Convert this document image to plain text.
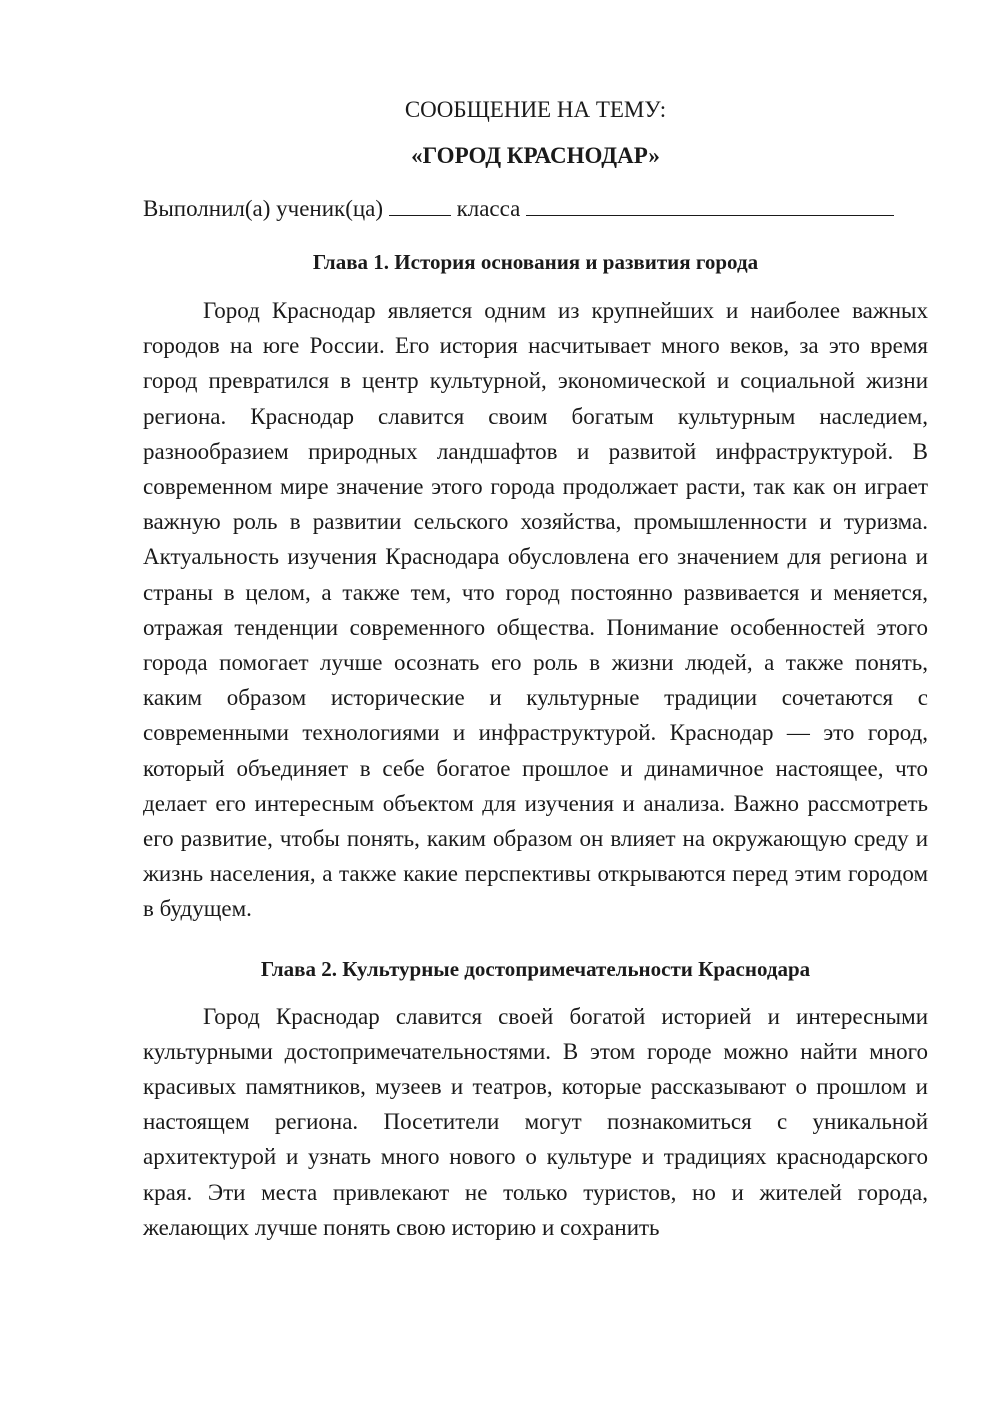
СООБЩЕНИЕ НА ТЕМУ:

«ГОРОД КРАСНОДАР»

Выполнил(а) ученик(ца)	класса

Глава 1. История основания и развития города

Город Краснодар является одним из крупнейших и наиболее важных городов на юге России. Его история насчитывает много веков, за это время город превратился в центр культурной, экономической и социальной жизни региона. Краснодар славится своим богатым культурным наследием, разнообразием природных ландшафтов и развитой инфраструктурой. В современном мире значение этого города продолжает расти, так как он играет важную роль в развитии сельского хозяйства, промышленности и туризма. Актуальность изучения Краснодара обусловлена его значением для региона и страны в целом, а также тем, что город постоянно развивается и меняется, отражая тенденции современного общества. Понимание особенностей этого города помогает лучше осознать его роль в жизни людей, а также понять, каким образом исторические и культурные традиции сочетаются с современными технологиями и инфраструктурой. Краснодар — это город, который объединяет в себе богатое прошлое и динамичное настоящее, что делает его интересным объектом для изучения и анализа. Важно рассмотреть его развитие, чтобы понять, каким образом он влияет на окружающую среду и жизнь населения, а также какие перспективы открываются перед этим городом в будущем.

Глава 2. Культурные достопримечательности Краснодара

Город Краснодар славится своей богатой историей и интересными культурными достопримечательностями. В этом городе можно найти много красивых памятников, музеев и театров, которые рассказывают о прошлом и настоящем региона. Посетители могут познакомиться с уникальной архитектурой и узнать много нового о культуре и традициях краснодарского края. Эти места привлекают не только туристов, но и жителей города, желающих лучше понять свою историю и сохранить
